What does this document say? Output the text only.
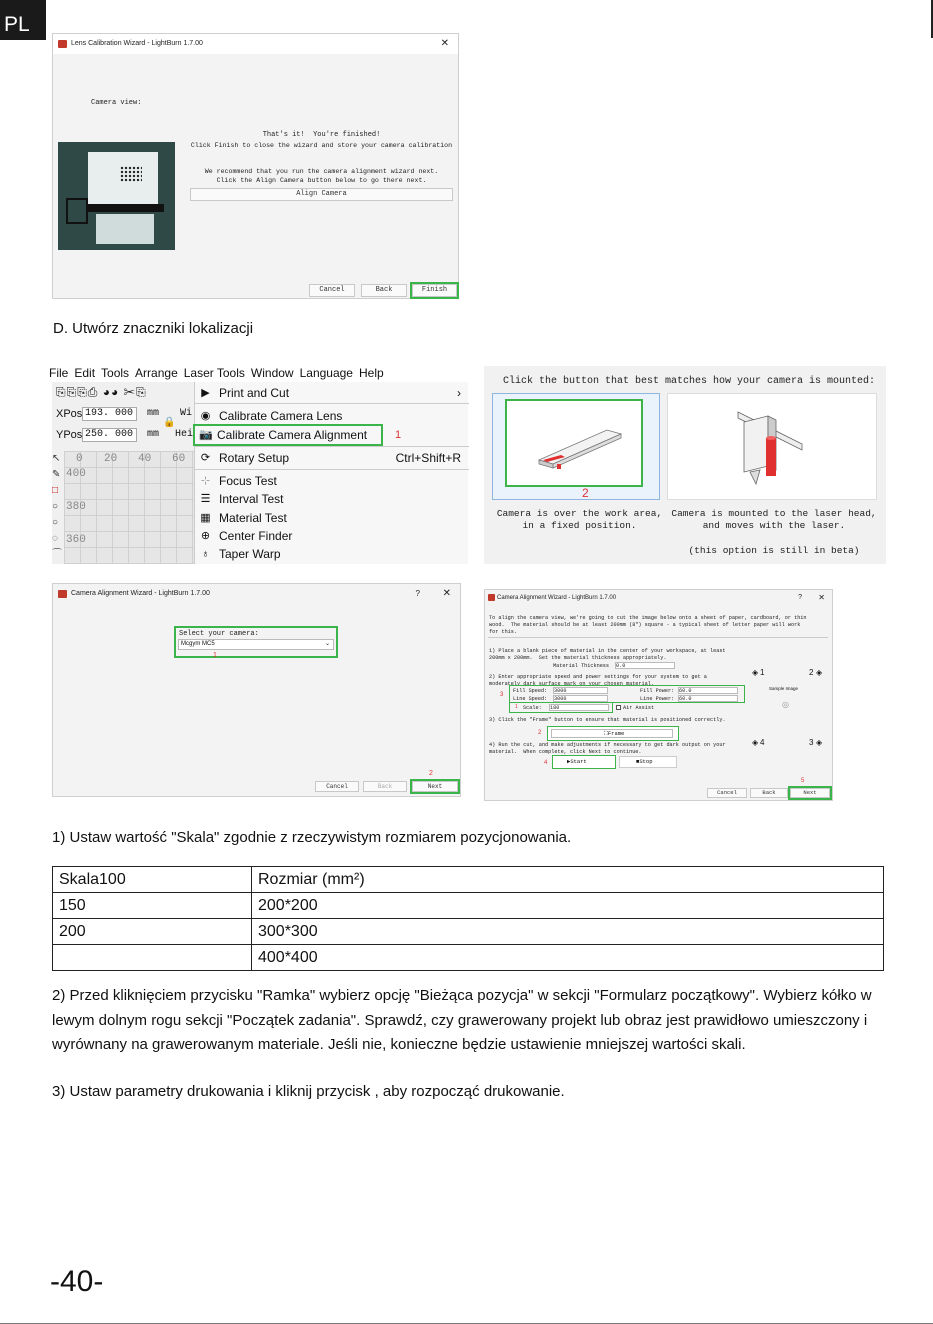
PL
Lens Calibration Wizard - LightBurn 1.7.00	✕
Camera view:
That's it!  You're finished!
Click Finish to close the wizard and store your camera calibration
We recommend that you run the camera alignment wizard next.
Click the Align Camera button below to go there next.
Align Camera
Cancel	Back	Finish
D. Utwórz znaczniki lokalizacji
File Edit Tools Arrange Laser Tools Window Language Help
⎘⎘⎘⎙ ◕◕ ✂⎘
XPos 193. 000	mm Wi
YPos 250. 000	mm Hei
🔒
0 20 40 60
400
380
360
↖
✎
□
○
○
◌
⌒
▶ Print and Cut	›
◉ Calibrate Camera Lens
📷 Calibrate Camera Alignment	1
⟳ Rotary Setup	Ctrl+Shift+R
⊹ Focus Test
☰ Interval Test
▦ Material Test
⊕ Center Finder
♁ Taper Warp
Click the button that best matches how your camera is mounted:
2
Camera is over the work area,
in a fixed position.
Camera is mounted to the laser head,
and moves with the laser.
(this option is still in beta)
Camera Alignment Wizard - LightBurn 1.7.00	? ✕
Select your camera:
Mcgym MC5	⌄
1
2
Cancel	Back	Next
Camera Alignment Wizard - LightBurn 1.7.00	? ✕
To align the camera view, we're going to cut the image below onto a sheet of paper, cardboard, or thin
wood.  The material should be at least 200mm (8") square - a typical sheet of letter paper will work
for this.
1) Place a blank piece of material in the center of your workspace, at least
200mm x 200mm.  Set the material thickness appropriately.
Material Thickness 0.0
2) Enter appropriate speed and power settings for your system to get a
moderately dark surface mark on your chosen material.
Fill Speed: 3000
Line Speed: 3000
Fill Power: 60.0
Line Power: 60.0
3
1 Scale: 180	Air Assist
3) Click the "Frame" button to ensure that material is positioned correctly.
2	⛶Frame
4) Run the cut, and make adjustments if necessary to get dark output on your
material.  When complete, click Next to continue.
4	▶Start	■Stop
◈ 1	2 ◈
Sample Image
◎
◈ 4	3 ◈
5
Cancel	Back	Next
1) Ustaw wartość "Skala" zgodnie z rzeczywistym rozmiarem pozycjonowania.
Skala100	Rozmiar (mm²)
150	200*200
200	300*300
	400*400
2) Przed kliknięciem przycisku "Ramka" wybierz opcję "Bieżąca pozycja" w sekcji "Formularz początkowy". Wybierz kółko w lewym dolnym rogu sekcji "Początek zadania". Sprawdź, czy grawerowany projekt lub obraz jest prawidłowo umieszczony i wyrównany na grawerowanym materiale. Jeśli nie, konieczne będzie ustawienie mniejszej wartości skali.
3) Ustaw parametry drukowania i kliknij przycisk , aby rozpocząć drukowanie.
-40-
